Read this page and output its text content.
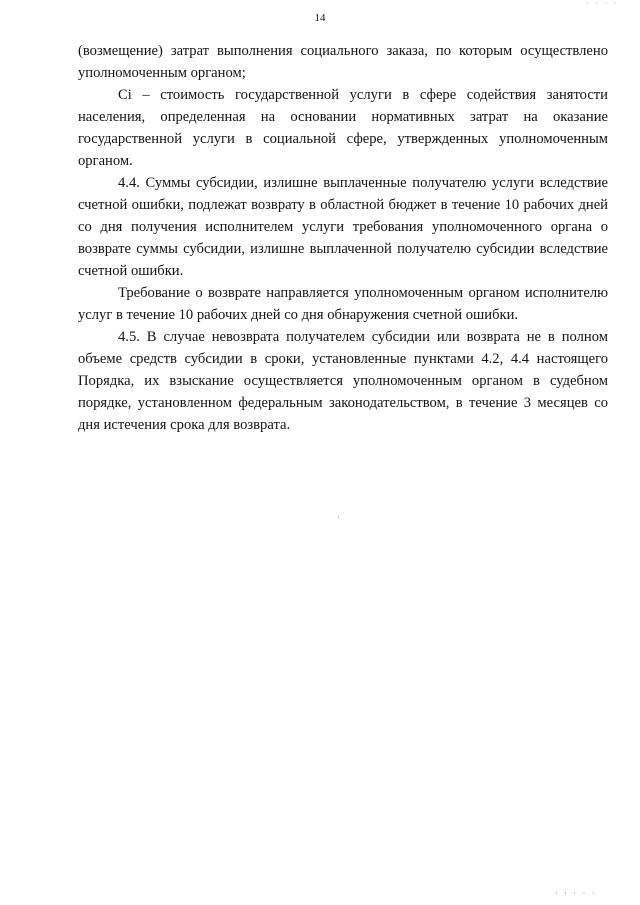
· · · ·
14

(возмещение) затрат выполнения социального заказа, по которым осуществлено уполномоченным органом;

Ci – стоимость государственной услуги в сфере содействия занятости населения, определенная на основании нормативных затрат на оказание государственной услуги в социальной сфере, утвержденных уполномоченным органом.

4.4. Суммы субсидии, излишне выплаченные получателю услуги вследствие счетной ошибки, подлежат возврату в областной бюджет в течение 10 рабочих дней со дня получения исполнителем услуги требования уполномоченного органа о возврате суммы субсидии, излишне выплаченной получателю субсидии вследствие счетной ошибки.

Требование о возврате направляется уполномоченным органом исполнителю услуг в течение 10 рабочих дней со дня обнаружения счетной ошибки.

4.5. В случае невозврата получателем субсидии или возврата не в полном объеме средств субсидии в сроки, установленные пунктами 4.2, 4.4 настоящего Порядка, их взыскание осуществляется уполномоченным органом в судебном порядке, установленном федеральным законодательством, в течение 3 месяцев со дня истечения срока для возврата.

· · · · ·
